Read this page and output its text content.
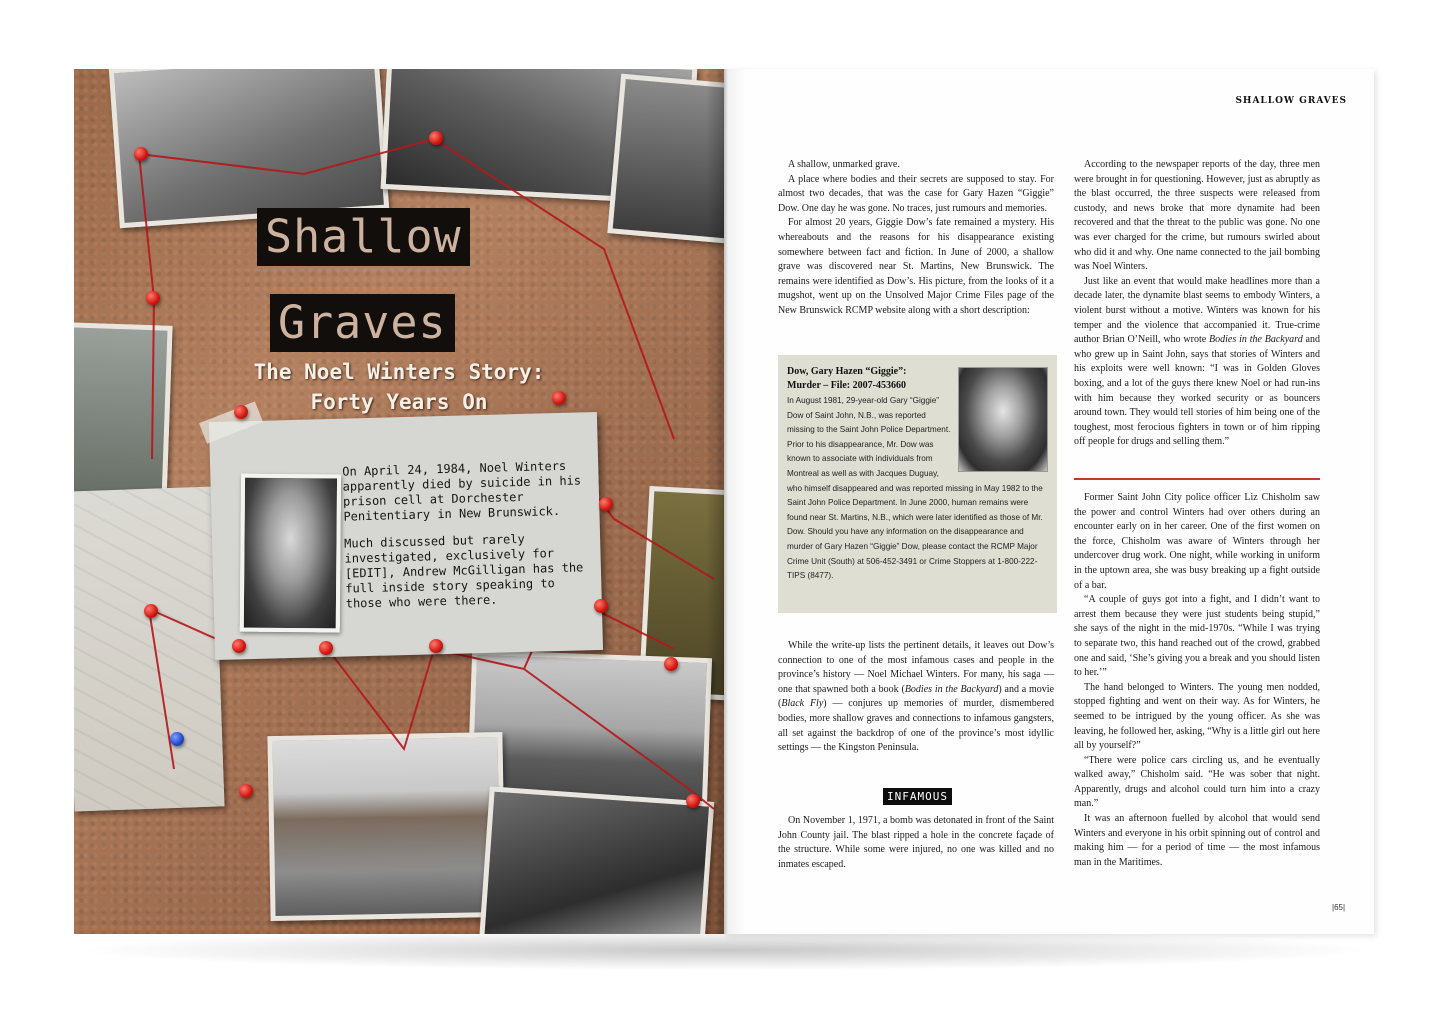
Shallow
Graves
The Noel Winters Story:
Forty Years On

On April 24, 1984, Noel Winters apparently died by suicide in his prison cell at Dorchester Penitentiary in New Brunswick.

Much discussed but rarely investigated, exclusively for [EDIT], Andrew McGilligan has the full inside story speaking to those who were there.

SHALLOW GRAVES

A shallow, unmarked grave.

A place where bodies and their secrets are supposed to stay. For almost two decades, that was the case for Gary Hazen “Giggie” Dow. One day he was gone. No traces, just rumours and memories.

For almost 20 years, Giggie Dow’s fate remained a mystery. His whereabouts and the reasons for his disappearance existing somewhere between fact and fiction. In June of 2000, a shallow grave was discovered near St. Martins, New Brunswick. The remains were identified as Dow’s. His picture, from the looks of it a mugshot, went up on the Unsolved Major Crime Files page of the New Brunswick RCMP website along with a short description:

Dow, Gary Hazen “Giggie”:
Murder – File: 2007-453660
In August 1981, 29-year-old Gary “Giggie” Dow of Saint John, N.B., was reported missing to the Saint John Police Department. Prior to his disappearance, Mr. Dow was known to associate with individuals from Montreal as well as with Jacques Duguay, who himself disappeared and was reported missing in May 1982 to the Saint John Police Department. In June 2000, human remains were found near St. Martins, N.B., which were later identified as those of Mr. Dow. Should you have any information on the disappearance and murder of Gary Hazen “Giggie” Dow, please contact the RCMP Major Crime Unit (South) at 506-452-3491 or Crime Stoppers at 1-800-222-TIPS (8477).

While the write-up lists the pertinent details, it leaves out Dow’s connection to one of the most infamous cases and people in the province’s history — Noel Michael Winters. For many, his saga — one that spawned both a book (Bodies in the Backyard) and a movie (Black Fly) — conjures up memories of murder, dismembered bodies, more shallow graves and connections to infamous gangsters, all set against the backdrop of one of the province’s most idyllic settings — the Kingston Peninsula.

INFAMOUS

On November 1, 1971, a bomb was detonated in front of the Saint John County jail. The blast ripped a hole in the concrete façade of the structure. While some were injured, no one was killed and no inmates escaped.

According to the newspaper reports of the day, three men were brought in for questioning. However, just as abruptly as the blast occurred, the three suspects were released from custody, and news broke that more dynamite had been recovered and that the threat to the public was gone. No one was ever charged for the crime, but rumours swirled about who did it and why. One name connected to the jail bombing was Noel Winters.

Just like an event that would make headlines more than a decade later, the dynamite blast seems to embody Winters, a violent burst without a motive. Winters was known for his temper and the violence that accompanied it. True-crime author Brian O’Neill, who wrote Bodies in the Backyard and who grew up in Saint John, says that stories of Winters and his exploits were well known: “I was in Golden Gloves boxing, and a lot of the guys there knew Noel or had run-ins with him because they worked security or as bouncers around town. They would tell stories of him being one of the toughest, most ferocious fighters in town or of him ripping off people for drugs and selling them.”

Former Saint John City police officer Liz Chisholm saw the power and control Winters had over others during an encounter early on in her career. One of the first women on the force, Chisholm was aware of Winters through her undercover drug work. One night, while working in uniform in the uptown area, she was busy breaking up a fight outside of a bar.

“A couple of guys got into a fight, and I didn’t want to arrest them because they were just students being stupid,” she says of the night in the mid-1970s. “While I was trying to separate two, this hand reached out of the crowd, grabbed one and said, ‘She’s giving you a break and you should listen to her.’”

The hand belonged to Winters. The young men nodded, stopped fighting and went on their way. As for Winters, he seemed to be intrigued by the young officer. As she was leaving, he followed her, asking, “Why is a little girl out here all by yourself?”

“There were police cars circling us, and he eventually walked away,” Chisholm said. “He was sober that night. Apparently, drugs and alcohol could turn him into a crazy man.”

It was an afternoon fuelled by alcohol that would send Winters and everyone in his orbit spinning out of control and making him — for a period of time — the most infamous man in the Maritimes.

|65|
